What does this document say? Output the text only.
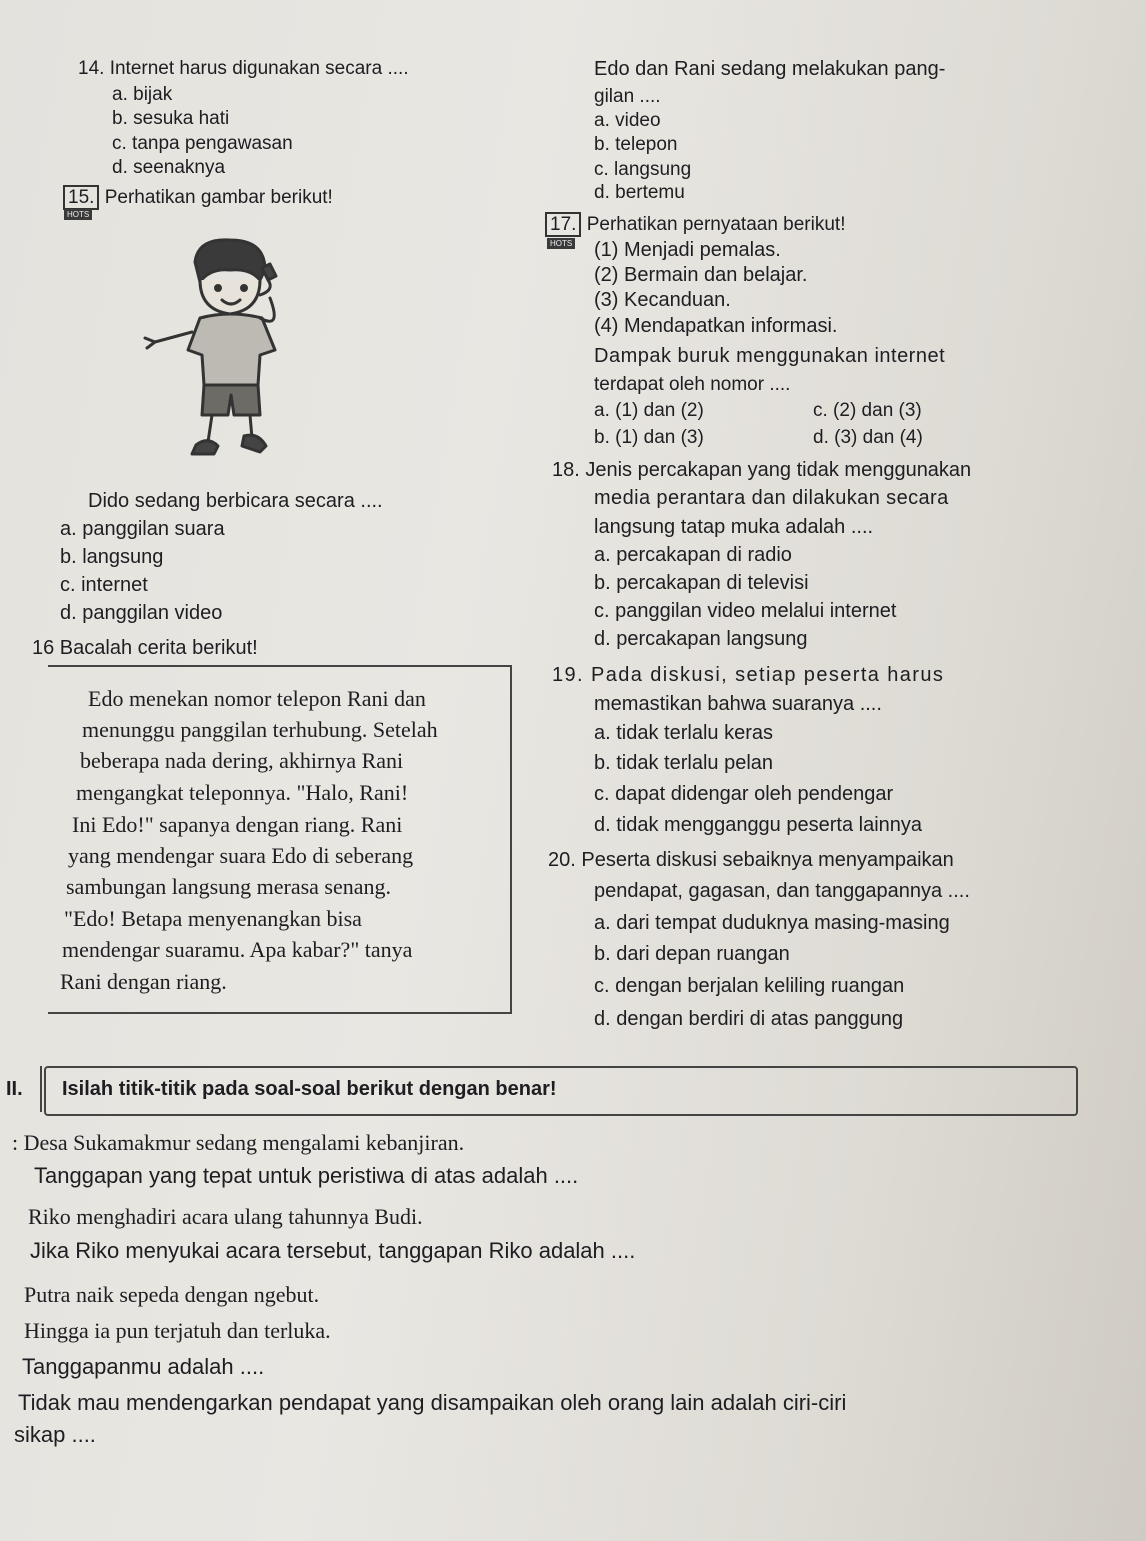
14. Internet harus digunakan secara ....
a. bijak
b. sesuka hati
c. tanpa pengawasan
d. seenaknya
15. Perhatikan gambar berikut!
HOTS
Dido sedang berbicara secara ....
a. panggilan suara
b. langsung
c. internet
d. panggilan video
16 Bacalah cerita berikut!
Edo menekan nomor telepon Rani dan
menunggu panggilan terhubung. Setelah
beberapa nada dering, akhirnya Rani
mengangkat teleponnya. "Halo, Rani!
Ini Edo!" sapanya dengan riang. Rani
yang mendengar suara Edo di seberang
sambungan langsung merasa senang.
"Edo! Betapa menyenangkan bisa
mendengar suaramu. Apa kabar?" tanya
Rani dengan riang.
Edo dan Rani sedang melakukan pang-
gilan ....
a. video
b. telepon
c. langsung
d. bertemu
17. Perhatikan pernyataan berikut!
HOTS (1) Menjadi pemalas.
(2) Bermain dan belajar.
(3) Kecanduan.
(4) Mendapatkan informasi.
Dampak buruk menggunakan internet
terdapat oleh nomor ....
a. (1) dan (2)	c. (2) dan (3)
b. (1) dan (3)	d. (3) dan (4)
18. Jenis percakapan yang tidak menggunakan
media perantara dan dilakukan secara
langsung tatap muka adalah ....
a. percakapan di radio
b. percakapan di televisi
c. panggilan video melalui internet
d. percakapan langsung
19. Pada diskusi, setiap peserta harus
memastikan bahwa suaranya ....
a. tidak terlalu keras
b. tidak terlalu pelan
c. dapat didengar oleh pendengar
d. tidak mengganggu peserta lainnya
20. Peserta diskusi sebaiknya menyampaikan
pendapat, gagasan, dan tanggapannya ....
a. dari tempat duduknya masing-masing
b. dari depan ruangan
c. dengan berjalan keliling ruangan
d. dengan berdiri di atas panggung
II. Isilah titik-titik pada soal-soal berikut dengan benar!
: Desa Sukamakmur sedang mengalami kebanjiran.
Tanggapan yang tepat untuk peristiwa di atas adalah ....
Riko menghadiri acara ulang tahunnya Budi.
Jika Riko menyukai acara tersebut, tanggapan Riko adalah ....
Putra naik sepeda dengan ngebut.
Hingga ia pun terjatuh dan terluka.
Tanggapanmu adalah ....
Tidak mau mendengarkan pendapat yang disampaikan oleh orang lain adalah ciri-ciri
sikap ....
